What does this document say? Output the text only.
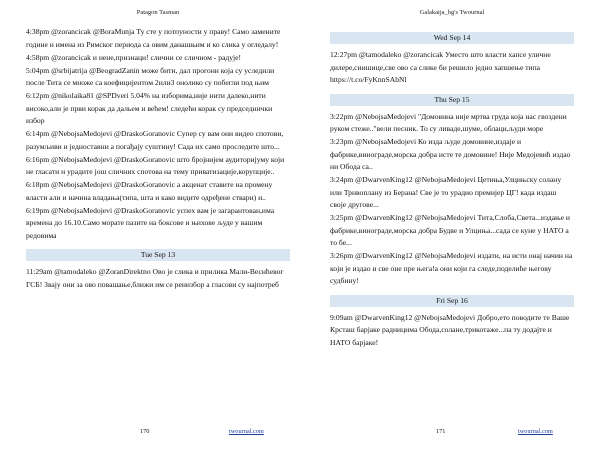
Patagon Tasman

4:38pm @zorancicak @BoraMunja Ту сте у потпуности у праву! Само замените године и имена из Римског периода са овим данашњим и ко слика у огледалу!

4:58pm @zorancicak и нене,признаци! слични се сличном - радује!

5:04pm @srbijatrija @BeogradZanin може бити, дал прогони која су уследили после Тита се множе са коефицијентом 2или3 онолико су побегли под њим

6:12pm @nikolaika81 @SPDveri 5.04% на изборима,није нити далеко,нити високо,али је први корак да дальем и већем! следећи корак су председнички избор

6:14pm @NebojsaMedojevi @DraskoGoranovic Супер су вам они видео спотови, разумљиви и једноставни а погађају суштину! Сада их само проследите што...

6:16pm @NebojsaMedojevi @DraskoGoranovic што бројнијем аудиторијуму који не гласати и урадите још сличних спотова на тему приватизације,корупције..

6:18pm @NebojsaMedojevi @DraskoGoranovic а акценат ставите на промену власти али и начина владања(типа, шта и како видите одређене ствари) и..

6:19pm @NebojsaMedojevi @DraskoGoranovic успех вам је загарантован,има времена до 16.10.Само морате пазите на боксове и њихове људе у вашим редовима

Tue Sep 13

11:29am @tamodaleko @ZoranDirektno Ово је слика и прилика Мали-Веснћевог ГСБ! Звају они за ово повашање,ближи им се ренизбор а гласови су најпотреб

170	twournal.com
Galakaija_bg's Twournal
Wed Sep 14

12:27pm @tamodaleko @zorancicak Уместо што власти хапсе уличне дилере,сиишице,све ово са слике би решило једно хапшење типа https://t.co/FyKnnSAbNl

Thu Sep 15

3:22pm @NebojsaMedojevi "Домовина није мртва груда која нас гвоздени руком стеже.."вели песник. То су ливаде,шуме, облаци,људи море

3:23pm @NebojsaMedojevi Ко изда људе домовине,издаје и фабрике,винограде,морска добра исте те домовине! Није Медојевић издао ни Обода са..

3:24pm @DwarvenKing12 @NebojsaMedojevi Цетињa,Улцињску солану или Трнвоплану из Берана! Све је то урадио премијер ЦГ! када издаш своје другове...

3:25pm @DwarvenKing12 @NebojsaMedojevi Тита,Слоба,Света...издање и фабрике,виноградe,морска добра Будве и Улцињa...сада се куне у НАТО а то бe...

3:26pm @DwarvenKing12 @NebojsaMedojevi издати, на исти онај начин на који је издао и све оне пре њега!а они који га следе,поделиће његову судбину!

Fri Sep 16

9:09am @DwarvenKing12 @NebojsaMedojevi Добро,ето поводите те Ваше Крстaш барјаке радницима Обода,солане,трикотаже...па ту додајте и НАТО барјаке!

171	twournal.com
